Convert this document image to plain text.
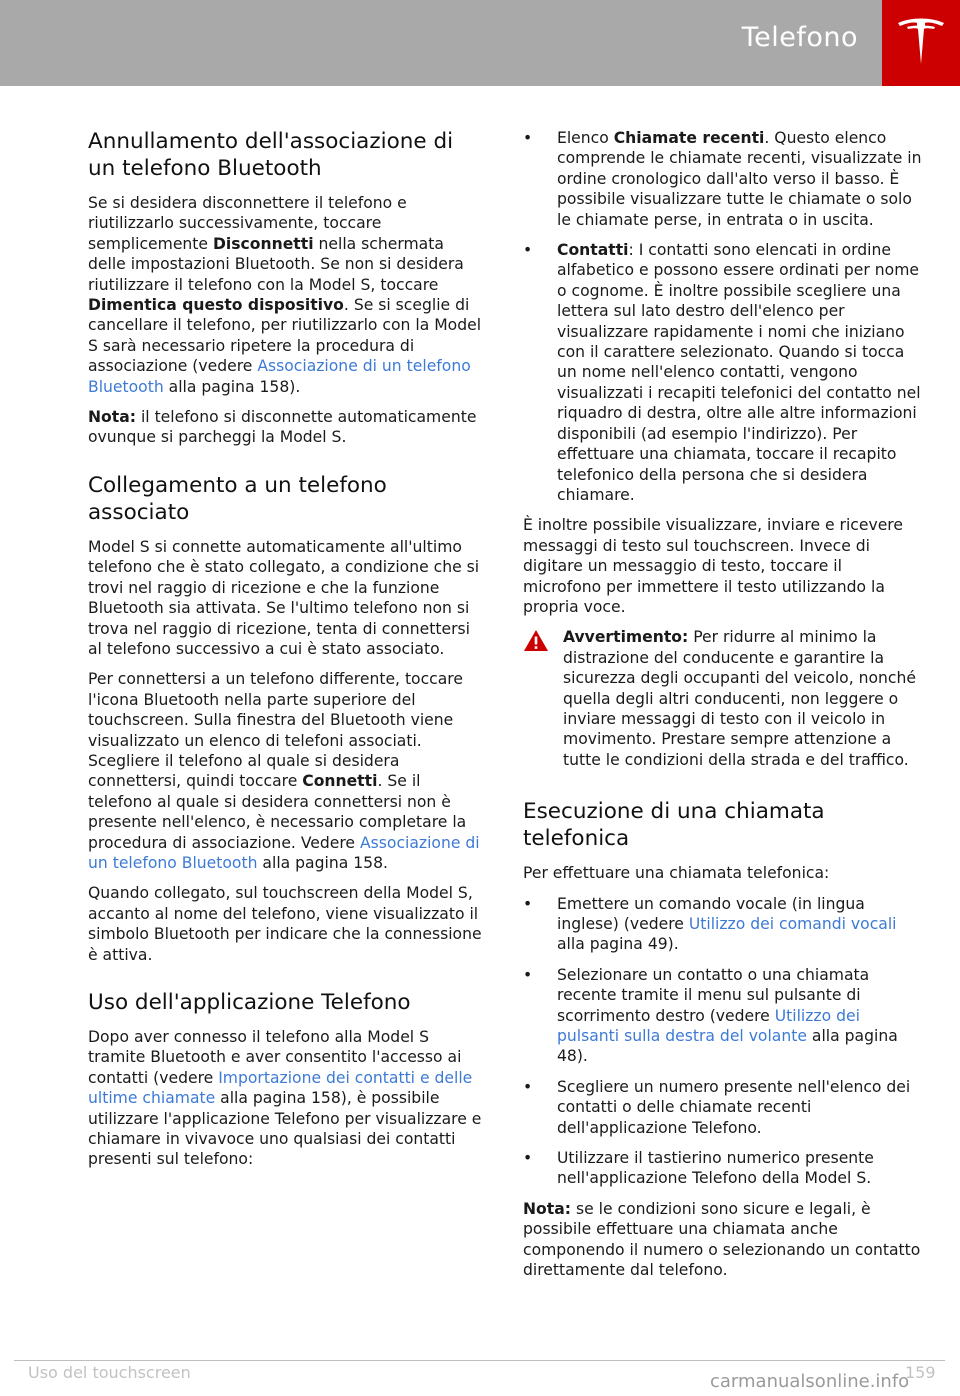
Telefono
Annullamento dell'associazione di un telefono Bluetooth

Se si desidera disconnettere il telefono e riutilizzarlo successivamente, toccare semplicemente Disconnetti nella schermata delle impostazioni Bluetooth. Se non si desidera riutilizzare il telefono con la Model S, toccare Dimentica questo dispositivo. Se si sceglie di cancellare il telefono, per riutilizzarlo con la Model S sarà necessario ripetere la procedura di associazione (vedere Associazione di un telefono Bluetooth alla pagina 158).

Nota: il telefono si disconnette automaticamente ovunque si parcheggi la Model S.

Collegamento a un telefono associato

Model S si connette automaticamente all'ultimo telefono che è stato collegato, a condizione che si trovi nel raggio di ricezione e che la funzione Bluetooth sia attivata. Se l'ultimo telefono non si trova nel raggio di ricezione, tenta di connettersi al telefono successivo a cui è stato associato.

Per connettersi a un telefono differente, toccare l'icona Bluetooth nella parte superiore del touchscreen. Sulla finestra del Bluetooth viene visualizzato un elenco di telefoni associati. Scegliere il telefono al quale si desidera connettersi, quindi toccare Connetti. Se il telefono al quale si desidera connettersi non è presente nell'elenco, è necessario completare la procedura di associazione. Vedere Associazione di un telefono Bluetooth alla pagina 158.

Quando collegato, sul touchscreen della Model S, accanto al nome del telefono, viene visualizzato il simbolo Bluetooth per indicare che la connessione è attiva.

Uso dell'applicazione Telefono

Dopo aver connesso il telefono alla Model S tramite Bluetooth e aver consentito l'accesso ai contatti (vedere Importazione dei contatti e delle ultime chiamate alla pagina 158), è possibile utilizzare l'applicazione Telefono per visualizzare e chiamare in vivavoce uno qualsiasi dei contatti presenti sul telefono:

• Elenco Chiamate recenti. Questo elenco comprende le chiamate recenti, visualizzate in ordine cronologico dall'alto verso il basso. È possibile visualizzare tutte le chiamate o solo le chiamate perse, in entrata o in uscita.
• Contatti: I contatti sono elencati in ordine alfabetico e possono essere ordinati per nome o cognome. È inoltre possibile scegliere una lettera sul lato destro dell'elenco per visualizzare rapidamente i nomi che iniziano con il carattere selezionato. Quando si tocca un nome nell'elenco contatti, vengono visualizzati i recapiti telefonici del contatto nel riquadro di destra, oltre alle altre informazioni disponibili (ad esempio l'indirizzo). Per effettuare una chiamata, toccare il recapito telefonico della persona che si desidera chiamare.

È inoltre possibile visualizzare, inviare e ricevere messaggi di testo sul touchscreen. Invece di digitare un messaggio di testo, toccare il microfono per immettere il testo utilizzando la propria voce.

Avvertimento: Per ridurre al minimo la distrazione del conducente e garantire la sicurezza degli occupanti del veicolo, nonché quella degli altri conducenti, non leggere o inviare messaggi di testo con il veicolo in movimento. Prestare sempre attenzione a tutte le condizioni della strada e del traffico.
Esecuzione di una chiamata telefonica

Per effettuare una chiamata telefonica:

• Emettere un comando vocale (in lingua inglese) (vedere Utilizzo dei comandi vocali alla pagina 49).
• Selezionare un contatto o una chiamata recente tramite il menu sul pulsante di scorrimento destro (vedere Utilizzo dei pulsanti sulla destra del volante alla pagina 48).
• Scegliere un numero presente nell'elenco dei contatti o delle chiamate recenti dell'applicazione Telefono.
• Utilizzare il tastierino numerico presente nell'applicazione Telefono della Model S.

Nota: se le condizioni sono sicure e legali, è possibile effettuare una chiamata anche componendo il numero o selezionando un contatto direttamente dal telefono.

Uso del touchscreen	159
carmanualsonline.info
